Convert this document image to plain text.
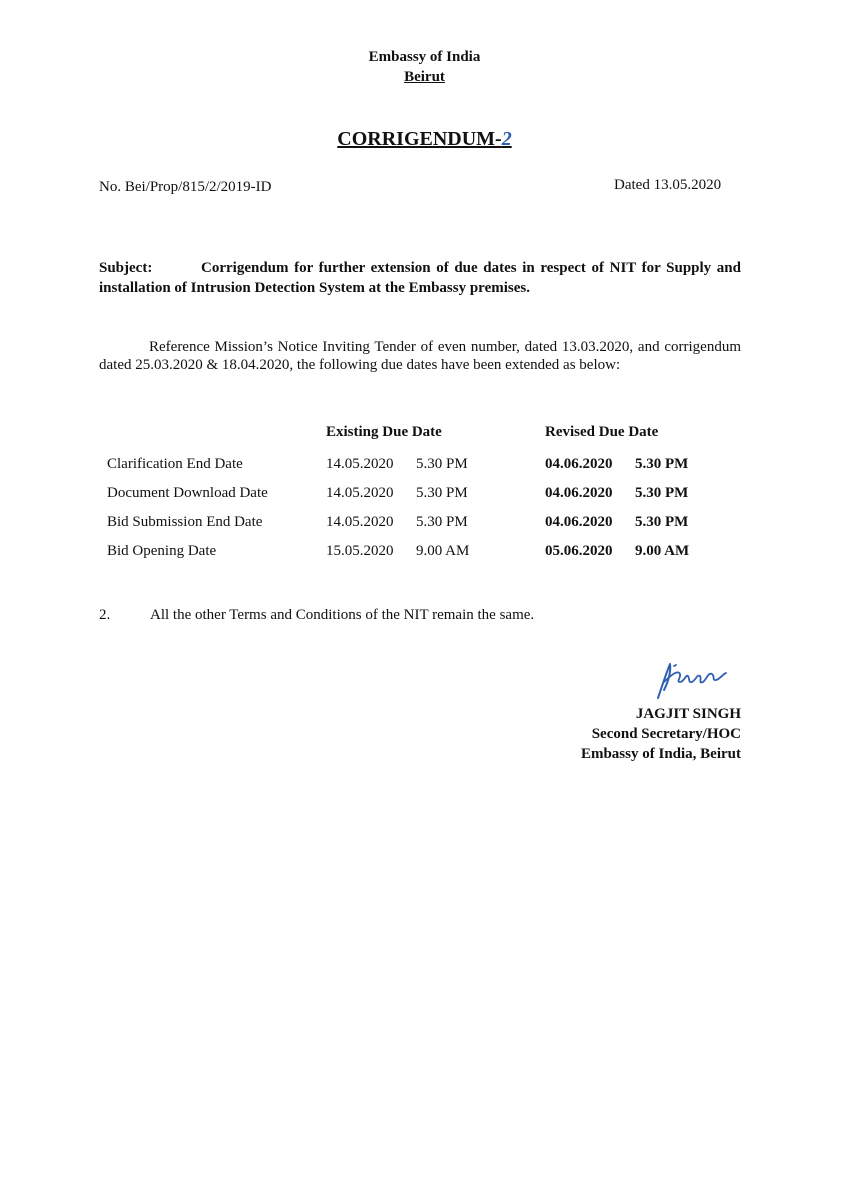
Embassy of India
Beirut
CORRIGENDUM-2
No. Bei/Prop/815/2/2019-ID	Dated 13.05.2020
Subject:	Corrigendum for further extension of due dates in respect of NIT for Supply and installation of Intrusion Detection System at the Embassy premises.
Reference Mission’s Notice Inviting Tender of even number, dated 13.03.2020, and corrigendum dated 25.03.2020 & 18.04.2020, the following due dates have been extended as below:
Existing Due Date	Revised Due Date
Clarification End Date	14.05.2020 5.30 PM	04.06.2020 5.30 PM
Document Download Date	14.05.2020 5.30 PM	04.06.2020 5.30 PM
Bid Submission End Date	14.05.2020 5.30 PM	04.06.2020 5.30 PM
Bid Opening Date	15.05.2020 9.00 AM	05.06.2020 9.00 AM
2.	All the other Terms and Conditions of the NIT remain the same.
JAGJIT SINGH
Second Secretary/HOC
Embassy of India, Beirut
